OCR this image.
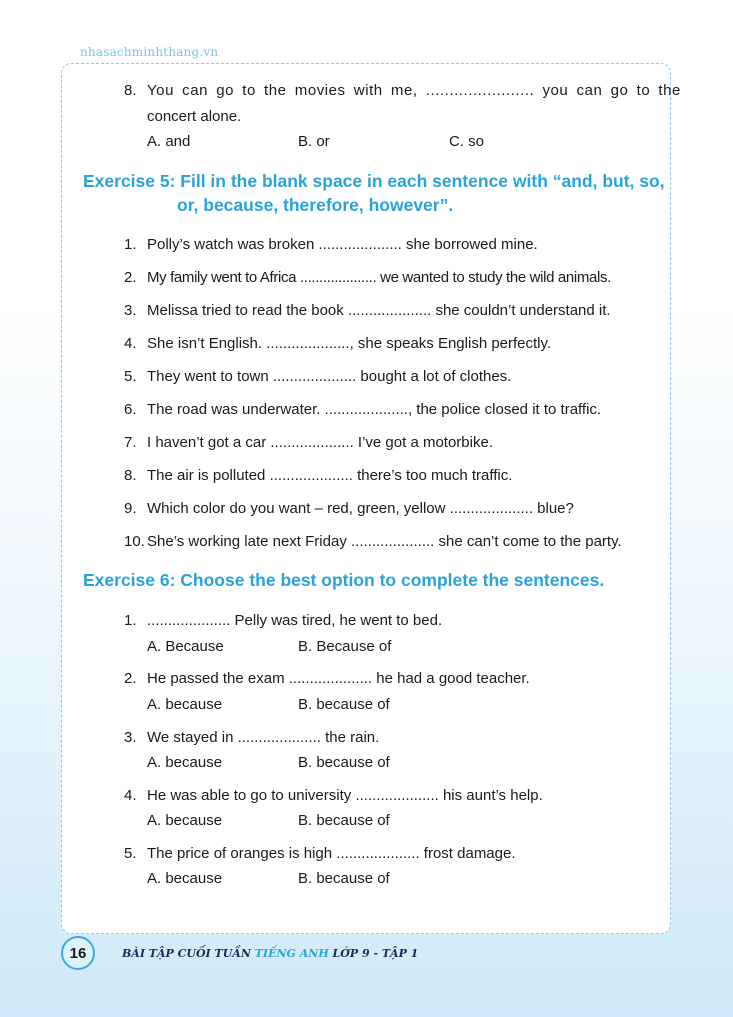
nhasachminhthang.vn
8. You can go to the movies with me, ....................... you can go to the
concert alone.
A. and	B. or	C. so
Exercise 5: Fill in the blank space in each sentence with “and, but, so,
or, because, therefore, however”.
1. Polly’s watch was broken .................... she borrowed mine.
2. My family went to Africa .................... we wanted to study the wild animals.
3. Melissa tried to read the book .................... she couldn’t understand it.
4. She isn’t English. ...................., she speaks English perfectly.
5. They went to town .................... bought a lot of clothes.
6. The road was underwater. ...................., the police closed it to traffic.
7. I haven’t got a car .................... I’ve got a motorbike.
8. The air is polluted .................... there’s too much traffic.
9. Which color do you want – red, green, yellow .................... blue?
10. She’s working late next Friday .................... she can’t come to the party.
Exercise 6: Choose the best option to complete the sentences.
1. .................... Pelly was tired, he went to bed.
A. Because	B. Because of
2. He passed the exam .................... he had a good teacher.
A. because	B. because of
3. We stayed in .................... the rain.
A. because	B. because of
4. He was able to go to university .................... his aunt’s help.
A. because	B. because of
5. The price of oranges is high .................... frost damage.
A. because	B. because of
16	BÀI TẬP CUỐI TUẦN TIẾNG ANH LỚP 9 - TẬP 1
